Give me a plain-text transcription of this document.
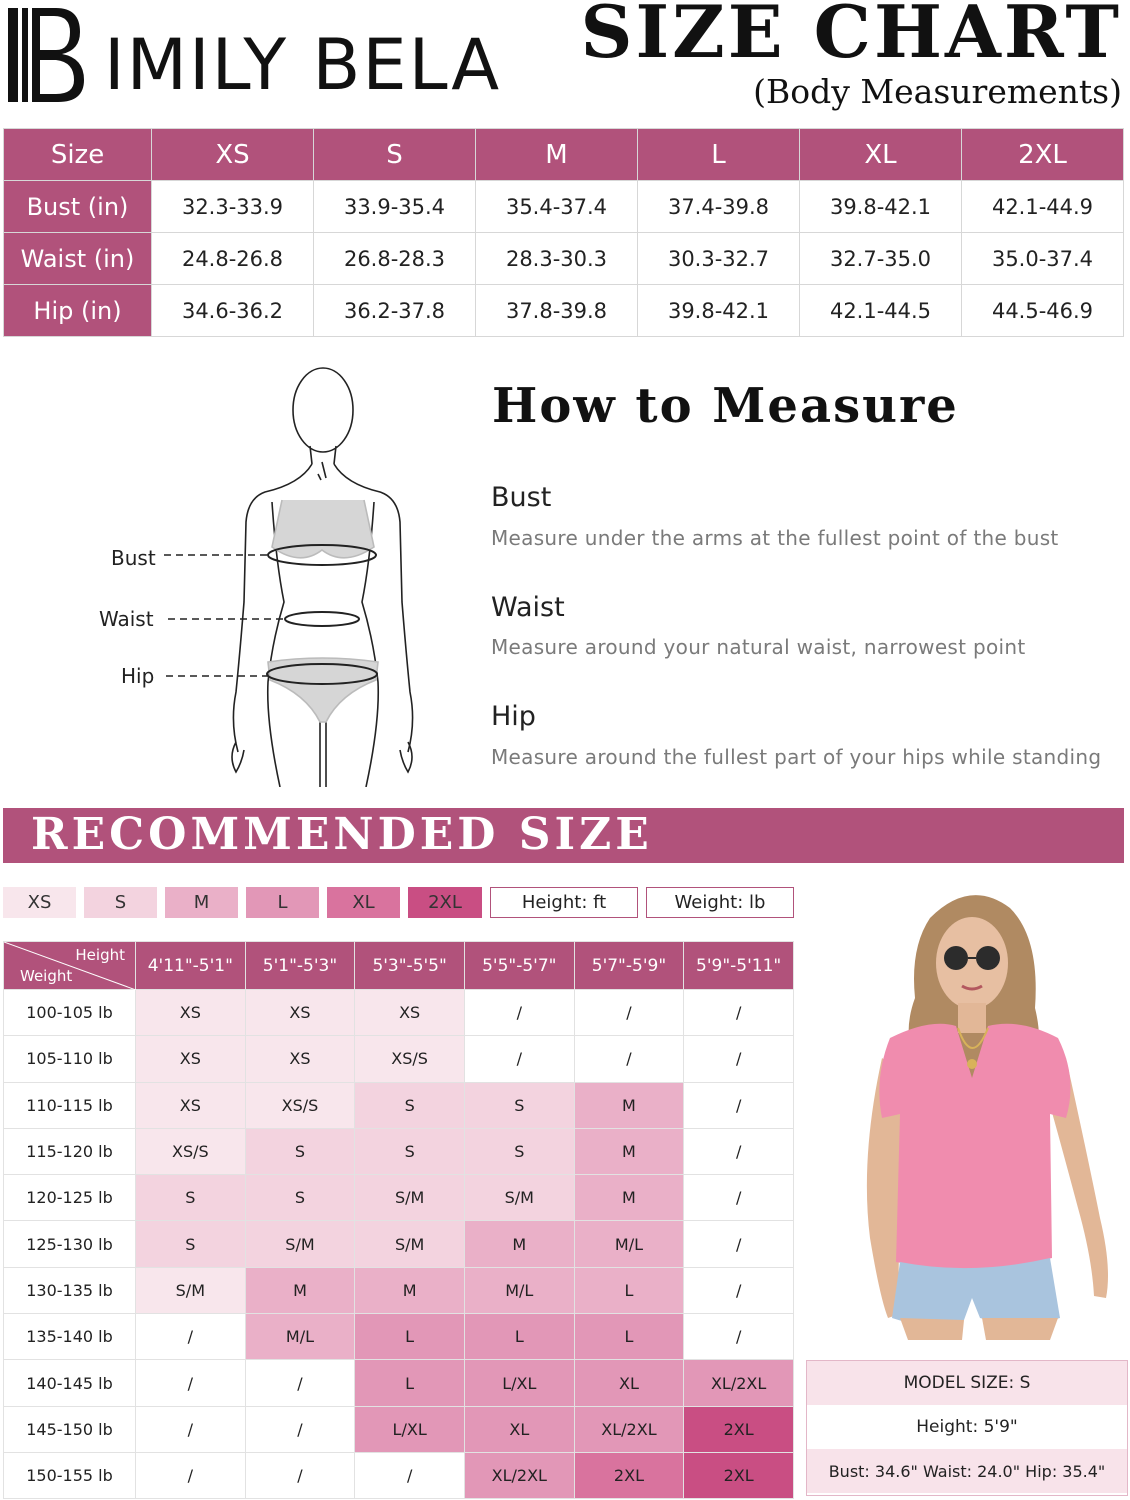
IMILY BELA SIZE CHART
(Body Measurements)
Size	XS	S	M	L	XL	2XL
Bust (in)	32.3-33.9	33.9-35.4	35.4-37.4	37.4-39.8	39.8-42.1	42.1-44.9
Waist (in)	24.8-26.8	26.8-28.3	28.3-30.3	30.3-32.7	32.7-35.0	35.0-37.4
Hip (in)	34.6-36.2	36.2-37.8	37.8-39.8	39.8-42.1	42.1-44.5	44.5-46.9
Bust
Waist
Hip
How to Measure
Bust
Measure under the arms at the fullest point of the bust
Waist
Measure around your natural waist, narrowest point
Hip
Measure around the fullest part of your hips while standing
RECOMMENDED SIZE
XS	S	M	L	XL	2XL	Height: ft	Weight: lb
Height
Weight	4'11"-5'1"	5'1"-5'3"	5'3"-5'5"	5'5"-5'7"	5'7"-5'9"	5'9"-5'11"
100-105 lb	XS	XS	XS	/	/	/
105-110 lb	XS	XS	XS/S	/	/	/
110-115 lb	XS	XS/S	S	S	M	/
115-120 lb	XS/S	S	S	S	M	/
120-125 lb	S	S	S/M	S/M	M	/
125-130 lb	S	S/M	S/M	M	M/L	/
130-135 lb	S/M	M	M	M/L	L	/
135-140 lb	/	M/L	L	L	L	/
140-145 lb	/	/	L	L/XL	XL	XL/2XL
145-150 lb	/	/	L/XL	XL	XL/2XL	2XL
150-155 lb	/	/	/	XL/2XL	2XL	2XL
MODEL SIZE: S
Height: 5'9"
Bust: 34.6" Waist: 24.0" Hip: 35.4"
